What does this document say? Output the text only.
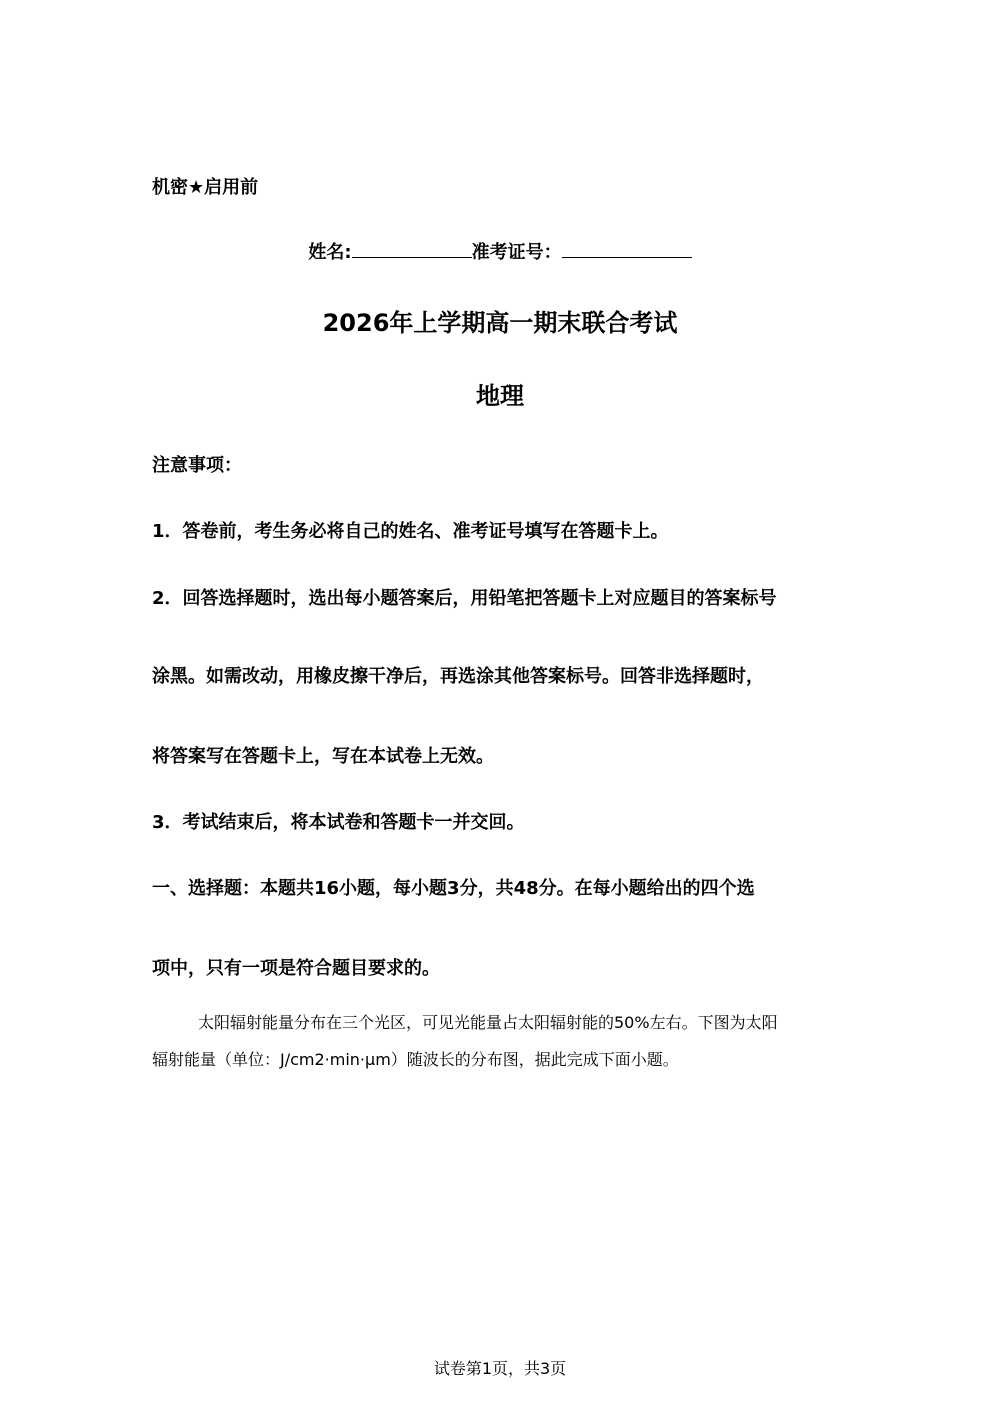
机密★启用前
姓名:	准考证号：
2026年上学期高一期末联合考试
地理
注意事项：
1．答卷前，考生务必将自己的姓名、准考证号填写在答题卡上。
2．回答选择题时，选出每小题答案后，用铅笔把答题卡上对应题目的答案标号
涂黑。如需改动，用橡皮擦干净后，再选涂其他答案标号。回答非选择题时，
将答案写在答题卡上，写在本试卷上无效。
3．考试结束后，将本试卷和答题卡一并交回。
一、选择题：本题共16小题，每小题3分，共48分。在每小题给出的四个选
项中，只有一项是符合题目要求的。
太阳辐射能量分布在三个光区，可见光能量占太阳辐射能的50%左右。下图为太阳
辐射能量（单位：J/cm2·min·μm）随波长的分布图，据此完成下面小题。
试卷第1页，共3页
